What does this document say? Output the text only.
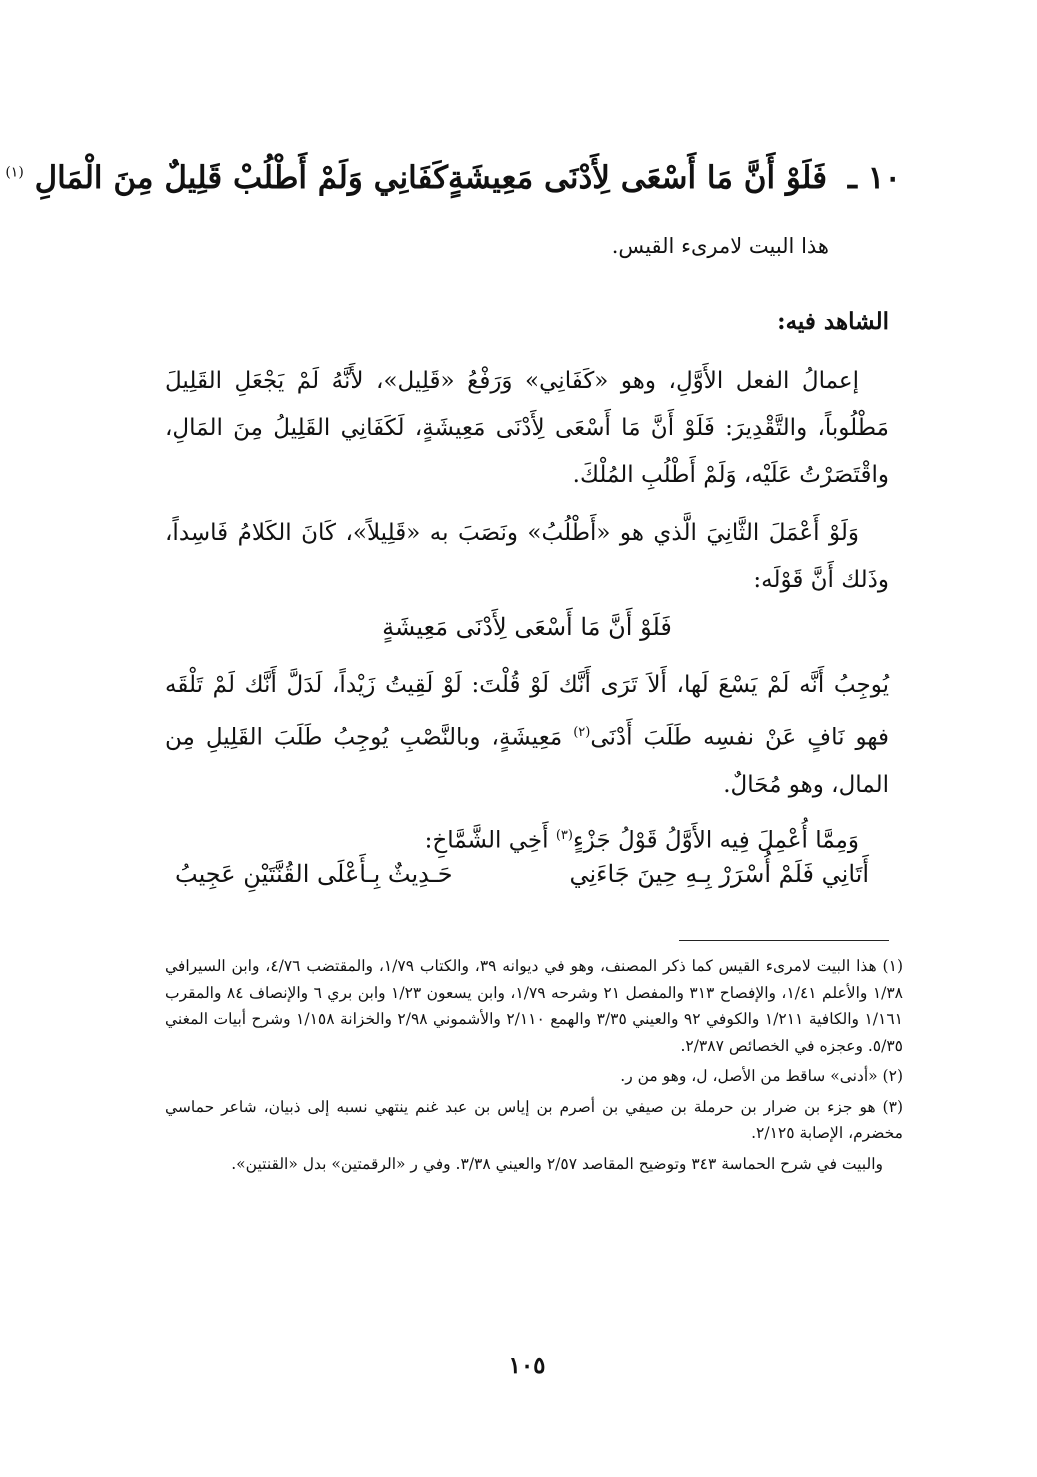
١٠ ـ فَلَوْ أَنَّ مَا أَسْعَى لِأَدْنَى مَعِيشَةٍ
كَفَانِي وَلَمْ أَطْلُبْ قَلِيلٌ مِنَ الْمَالِ $^{(١)}$
هذا البيت لامرىء القيس.
الشاهد فيه:
إعمالُ الفعل الأَوَّلِ، وهو «كَفَانِي» وَرَفْعُ «قَلِيل»، لأَنَّهُ لَمْ يَجْعَلِ القَلِيلَ مَطْلُوباً، والتَّقْدِيرَ: فَلَوْ أَنَّ مَا أَسْعَى لِأَدْنَى مَعِيشَةٍ، لَكَفَانِي القَلِيلُ مِنَ المَالِ، واقْتَصَرْتُ عَلَيْه، وَلَمْ أَطْلُبِ المُلْكَ.
وَلَوْ أَعْمَلَ الثَّانِيَ الَّذي هو «أَطْلُبُ» ونَصَبَ به «قَلِيلاً»، كَانَ الكَلامُ فَاسِداً، وذَلك أَنَّ قَوْلَه:
فَلَوْ أَنَّ مَا أَسْعَى لِأَدْنَى مَعِيشَةٍ
يُوجِبُ أَنَّه لَمْ يَسْعَ لَها، أَلاَ تَرَى أَنَّك لَوْ قُلْتَ: لَوْ لَقِيتُ زَيْداً، لَدَلَّ أَنَّك لَمْ تَلْقَه فهو نَافٍ عَنْ نفسِه طَلَبَ أَدْنَى$^{(٢)}$ مَعِيشَةٍ، وبالنَّصْبِ يُوجِبُ طَلَبَ القَلِيلِ مِن المال، وهو مُحَالٌ.
وَمِمَّا أُعْمِلَ فِيه الأَوَّلُ قَوْلُ جَزْءٍ$^{(٣)}$ أَخِي الشَّمَّاخِ:
أَتَانِي فَلَمْ أُسْرَرْ بِـهِ حِينَ جَاءَنِي
حَـدِيثٌ بِـأَعْلَى القُنَّتَيْنِ عَجِيبُ

(١) هذا البيت لامرىء القيس كما ذكر المصنف، وهو في ديوانه ٣٩، والكتاب ١/٧٩، والمقتضب ٤/٧٦، وابن السيرافي ١/٣٨ والأعلم ١/٤١، والإفصاح ٣١٣ والمفصل ٢١ وشرحه ١/٧٩، وابن يسعون ١/٢٣ وابن بري ٦ والإنصاف ٨٤ والمقرب ١/١٦١ والكافية ١/٢١١ والكوفي ٩٢ والعيني ٣/٣٥ والهمع ٢/١١٠ والأشموني ٢/٩٨ والخزانة ١/١٥٨ وشرح أبيات المغني ٥/٣٥. وعجزه في الخصائص ٢/٣٨٧.

(٢) «أدنى» ساقط من الأصل، ل، وهو من ر.

(٣) هو جزء بن ضرار بن حرملة بن صيفي بن أصرم بن إياس بن عبد غنم ينتهي نسبه إلى ذبيان، شاعر حماسي مخضرم، الإصابة ٢/١٢٥.

والبيت في شرح الحماسة ٣٤٣ وتوضيح المقاصد ٢/٥٧ والعيني ٣/٣٨. وفي ر «الرقمتين» بدل «القنتين».

١٠٥
